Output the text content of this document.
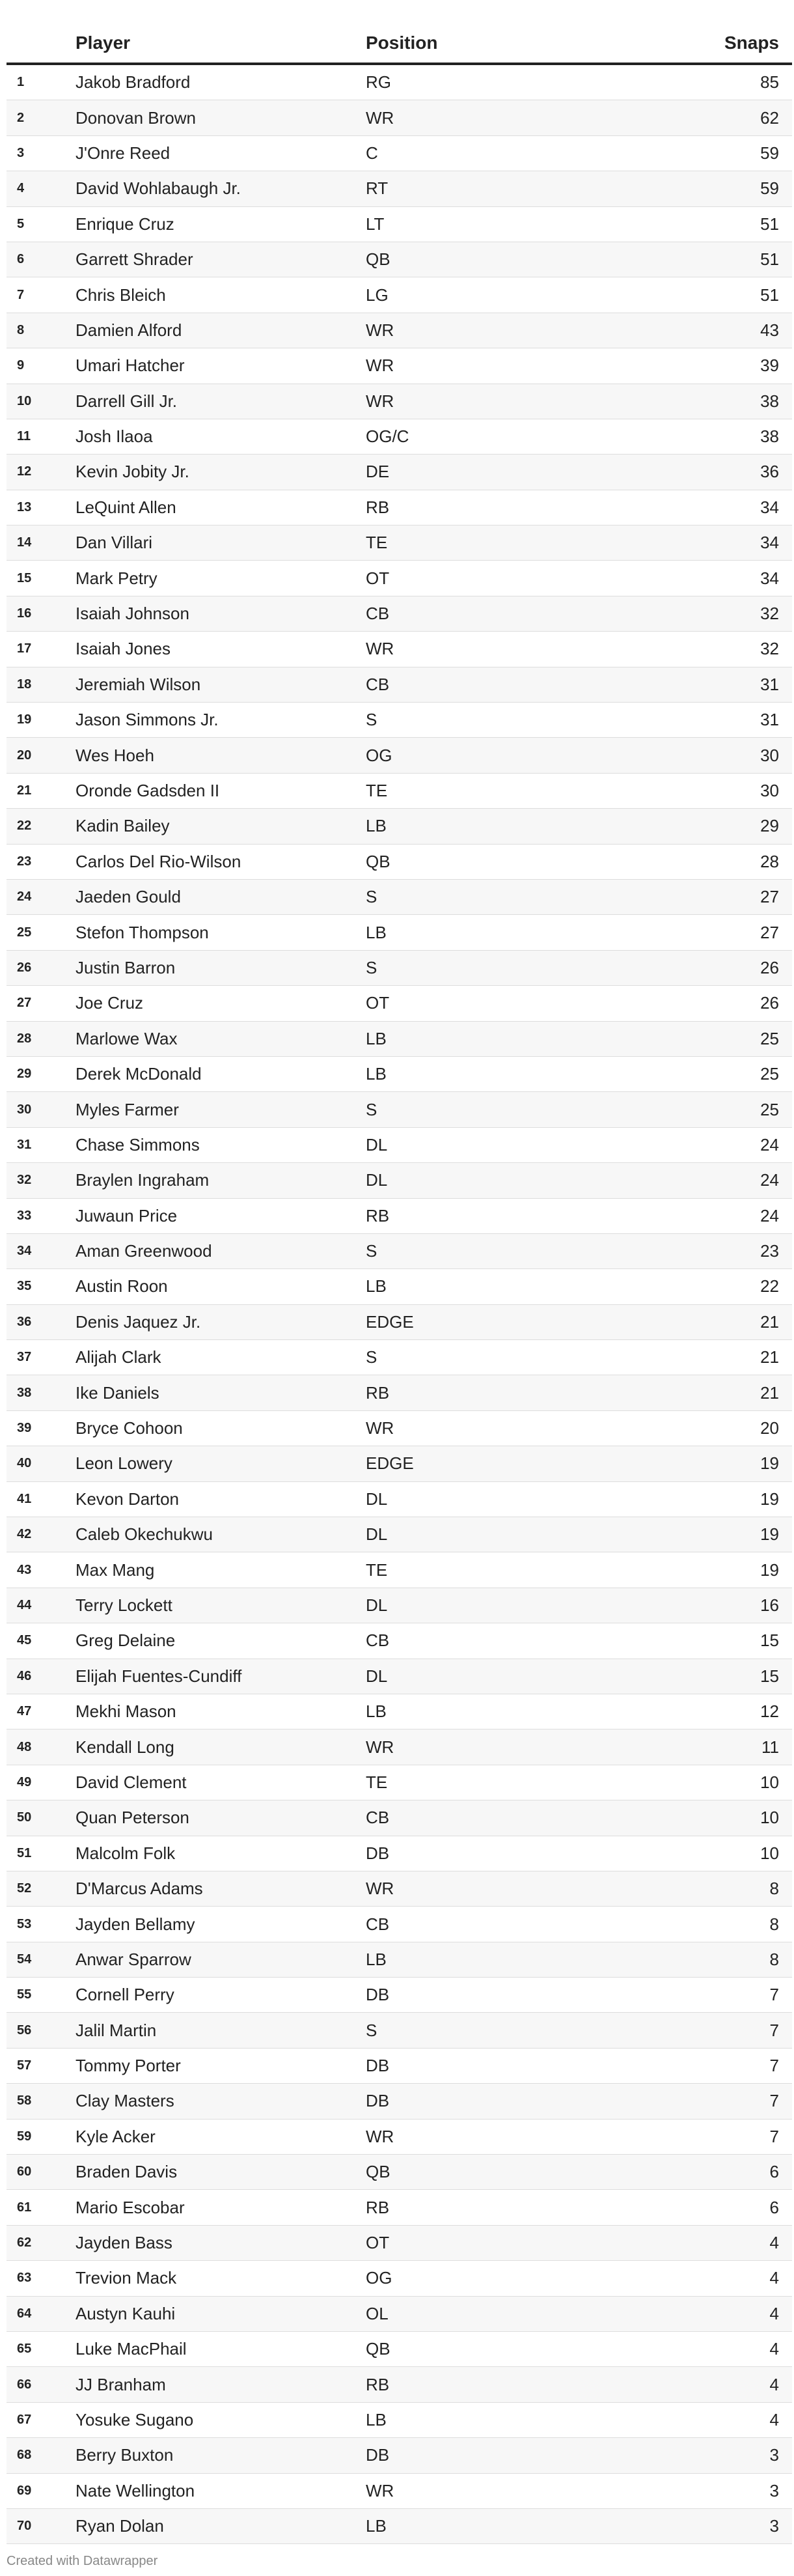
Player	Position	Snaps
1	Jakob Bradford	RG	85
2	Donovan Brown	WR	62
3	J'Onre Reed	C	59
4	David Wohlabaugh Jr.	RT	59
5	Enrique Cruz	LT	51
6	Garrett Shrader	QB	51
7	Chris Bleich	LG	51
8	Damien Alford	WR	43
9	Umari Hatcher	WR	39
10	Darrell Gill Jr.	WR	38
11	Josh Ilaoa	OG/C	38
12	Kevin Jobity Jr.	DE	36
13	LeQuint Allen	RB	34
14	Dan Villari	TE	34
15	Mark Petry	OT	34
16	Isaiah Johnson	CB	32
17	Isaiah Jones	WR	32
18	Jeremiah Wilson	CB	31
19	Jason Simmons Jr.	S	31
20	Wes Hoeh	OG	30
21	Oronde Gadsden II	TE	30
22	Kadin Bailey	LB	29
23	Carlos Del Rio-Wilson	QB	28
24	Jaeden Gould	S	27
25	Stefon Thompson	LB	27
26	Justin Barron	S	26
27	Joe Cruz	OT	26
28	Marlowe Wax	LB	25
29	Derek McDonald	LB	25
30	Myles Farmer	S	25
31	Chase Simmons	DL	24
32	Braylen Ingraham	DL	24
33	Juwaun Price	RB	24
34	Aman Greenwood	S	23
35	Austin Roon	LB	22
36	Denis Jaquez Jr.	EDGE	21
37	Alijah Clark	S	21
38	Ike Daniels	RB	21
39	Bryce Cohoon	WR	20
40	Leon Lowery	EDGE	19
41	Kevon Darton	DL	19
42	Caleb Okechukwu	DL	19
43	Max Mang	TE	19
44	Terry Lockett	DL	16
45	Greg Delaine	CB	15
46	Elijah Fuentes-Cundiff	DL	15
47	Mekhi Mason	LB	12
48	Kendall Long	WR	11
49	David Clement	TE	10
50	Quan Peterson	CB	10
51	Malcolm Folk	DB	10
52	D'Marcus Adams	WR	8
53	Jayden Bellamy	CB	8
54	Anwar Sparrow	LB	8
55	Cornell Perry	DB	7
56	Jalil Martin	S	7
57	Tommy Porter	DB	7
58	Clay Masters	DB	7
59	Kyle Acker	WR	7
60	Braden Davis	QB	6
61	Mario Escobar	RB	6
62	Jayden Bass	OT	4
63	Trevion Mack	OG	4
64	Austyn Kauhi	OL	4
65	Luke MacPhail	QB	4
66	JJ Branham	RB	4
67	Yosuke Sugano	LB	4
68	Berry Buxton	DB	3
69	Nate Wellington	WR	3
70	Ryan Dolan	LB	3
Created with Datawrapper
